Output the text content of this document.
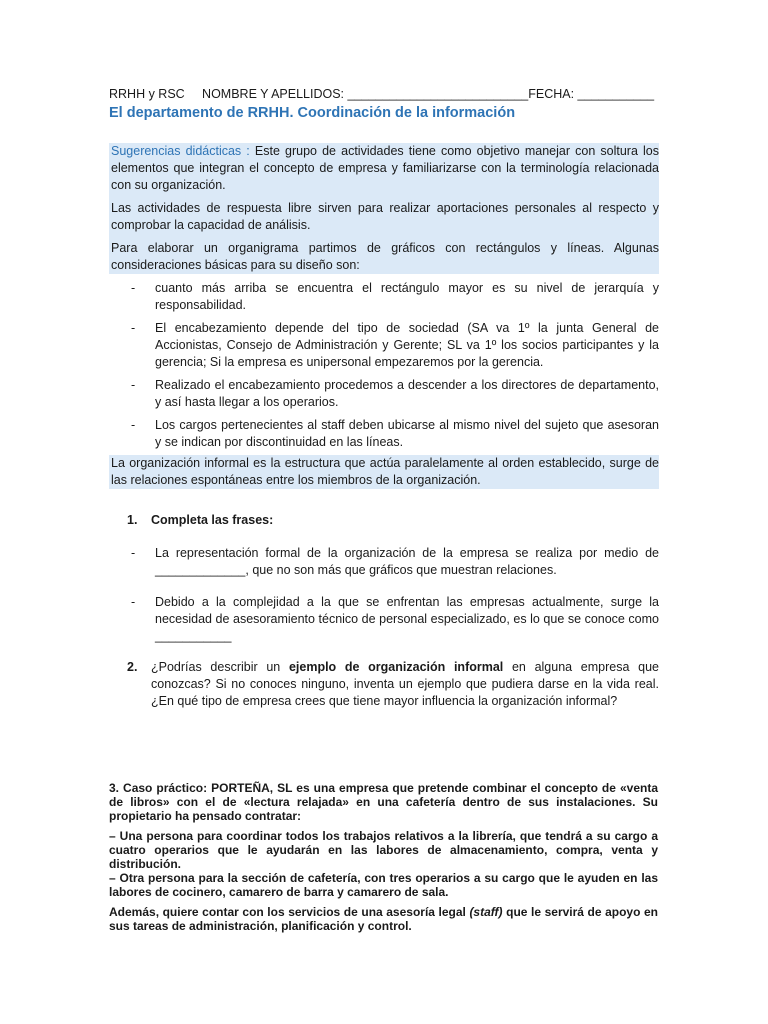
RRHH y RSC     NOMBRE Y APELLIDOS: __________________________FECHA: ___________
El departamento de RRHH. Coordinación de la información

Sugerencias didácticas : Este grupo de actividades tiene como objetivo manejar con soltura los elementos que integran el concepto de empresa y familiarizarse con la terminología relacionada con su organización.

Las actividades de respuesta libre sirven para realizar aportaciones personales al respecto y comprobar la capacidad de análisis.

Para elaborar un organigrama partimos de gráficos con rectángulos y líneas. Algunas consideraciones básicas para su diseño son:

- cuanto más arriba se encuentra el rectángulo mayor es su nivel de jerarquía y responsabilidad.
- El encabezamiento depende del tipo de sociedad (SA va 1º la junta General de Accionistas, Consejo de Administración y Gerente; SL va 1º los socios participantes y la gerencia; Si la empresa es unipersonal empezaremos por la gerencia.
- Realizado el encabezamiento procedemos a descender a los directores de departamento, y así hasta llegar a los operarios.
- Los cargos pertenecientes al staff deben ubicarse al mismo nivel del sujeto que asesoran y se indican por discontinuidad en las líneas.

La organización informal es la estructura que actúa paralelamente al orden establecido, surge de las relaciones espontáneas entre los miembros de la organización.

1. Completa las frases:
- La representación formal de la organización de la empresa se realiza por medio de _____________, que no son más que gráficos que muestran relaciones.
- Debido a la complejidad a la que se enfrentan las empresas actualmente, surge la necesidad de asesoramiento técnico de personal especializado, es lo que se conoce como ___________
2. ¿Podrías describir un ejemplo de organización informal en alguna empresa que conozcas? Si no conoces ninguno, inventa un ejemplo que pudiera darse en la vida real. ¿En qué tipo de empresa crees que tiene mayor influencia la organización informal?

3. Caso práctico: PORTEÑA, SL es una empresa que pretende combinar el concepto de «venta de libros» con el de «lectura relajada» en una cafetería dentro de sus instalaciones. Su propietario ha pensado contratar:

– Una persona para coordinar todos los trabajos relativos a la librería, que tendrá a su cargo a cuatro operarios que le ayudarán en las labores de almacenamiento, compra, venta y distribución.

– Otra persona para la sección de cafetería, con tres operarios a su cargo que le ayuden en las labores de cocinero, camarero de barra y camarero de sala.

Además, quiere contar con los servicios de una asesoría legal (staff) que le servirá de apoyo en sus tareas de administración, planificación y control.
